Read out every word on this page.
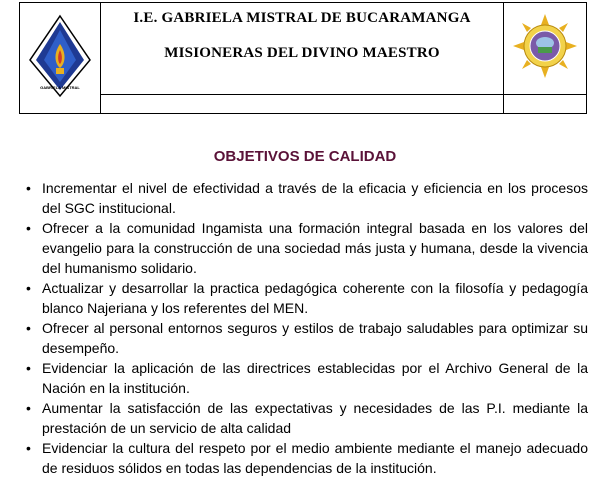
GABRIELA MISTRAL	I.E. GABRIELA MISTRAL DE BUCARAMANGA
MISIONERAS DEL DIVINO MAESTRO

OBJETIVOS DE CALIDAD
• Incrementar el nivel de efectividad a través de la eficacia y eficiencia en los procesos del SGC institucional.
• Ofrecer a la comunidad Ingamista una formación integral basada en los valores del evangelio para la construcción de una sociedad más justa y humana, desde la vivencia del humanismo solidario.
• Actualizar y desarrollar la practica pedagógica coherente con la filosofía y pedagogía blanco Najeriana y los referentes del MEN.
• Ofrecer al personal entornos seguros y estilos de trabajo saludables para optimizar su desempeño.
• Evidenciar la aplicación de las directrices establecidas por el Archivo General de la Nación en la institución.
• Aumentar la satisfacción de las expectativas y necesidades de las P.I. mediante la prestación de un servicio de alta calidad
• Evidenciar la cultura del respeto por el medio ambiente mediante el manejo adecuado de residuos sólidos en todas las dependencias de la institución.
